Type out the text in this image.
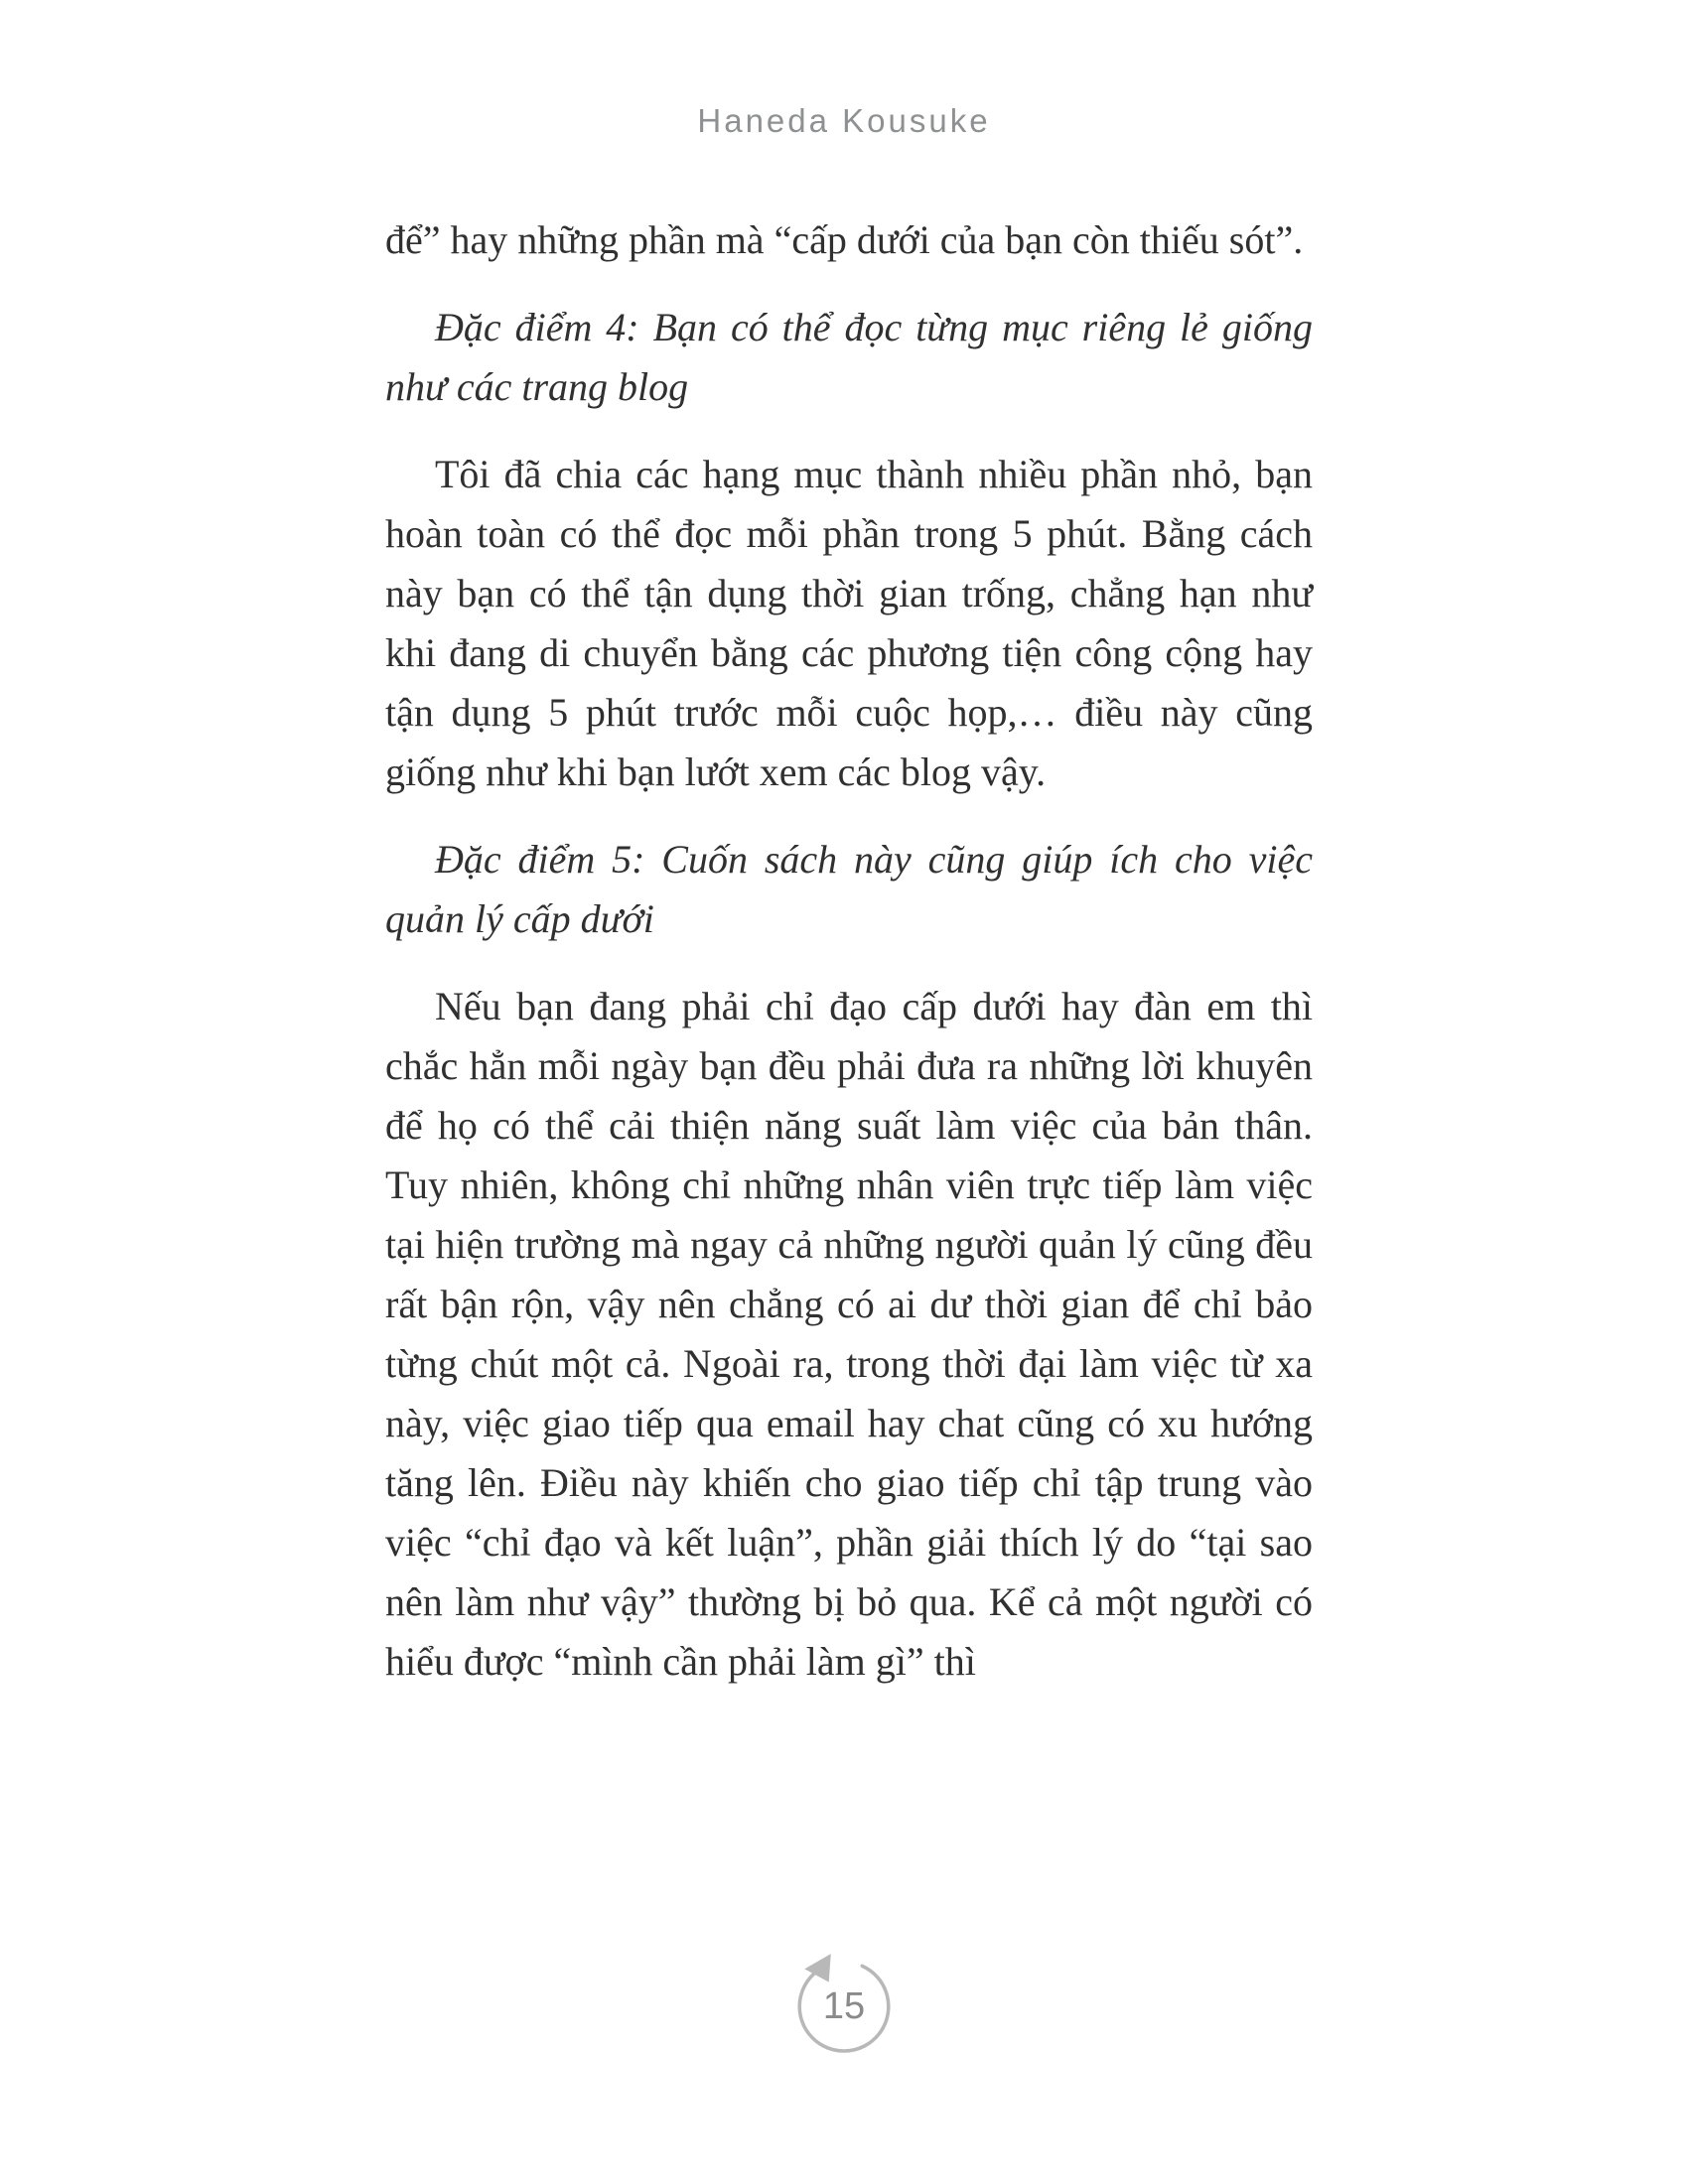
Haneda Kousuke

để” hay những phần mà “cấp dưới của bạn còn thiếu sót”.

Đặc điểm 4: Bạn có thể đọc từng mục riêng lẻ giống như các trang blog

Tôi đã chia các hạng mục thành nhiều phần nhỏ, bạn hoàn toàn có thể đọc mỗi phần trong 5 phút. Bằng cách này bạn có thể tận dụng thời gian trống, chẳng hạn như khi đang di chuyển bằng các phương tiện công cộng hay tận dụng 5 phút trước mỗi cuộc họp,… điều này cũng giống như khi bạn lướt xem các blog vậy.

Đặc điểm 5: Cuốn sách này cũng giúp ích cho việc quản lý cấp dưới

Nếu bạn đang phải chỉ đạo cấp dưới hay đàn em thì chắc hẳn mỗi ngày bạn đều phải đưa ra những lời khuyên để họ có thể cải thiện năng suất làm việc của bản thân. Tuy nhiên, không chỉ những nhân viên trực tiếp làm việc tại hiện trường mà ngay cả những người quản lý cũng đều rất bận rộn, vậy nên chẳng có ai dư thời gian để chỉ bảo từng chút một cả. Ngoài ra, trong thời đại làm việc từ xa này, việc giao tiếp qua email hay chat cũng có xu hướng tăng lên. Điều này khiến cho giao tiếp chỉ tập trung vào việc “chỉ đạo và kết luận”, phần giải thích lý do “tại sao nên làm như vậy” thường bị bỏ qua. Kể cả một người có hiểu được “mình cần phải làm gì” thì

15
